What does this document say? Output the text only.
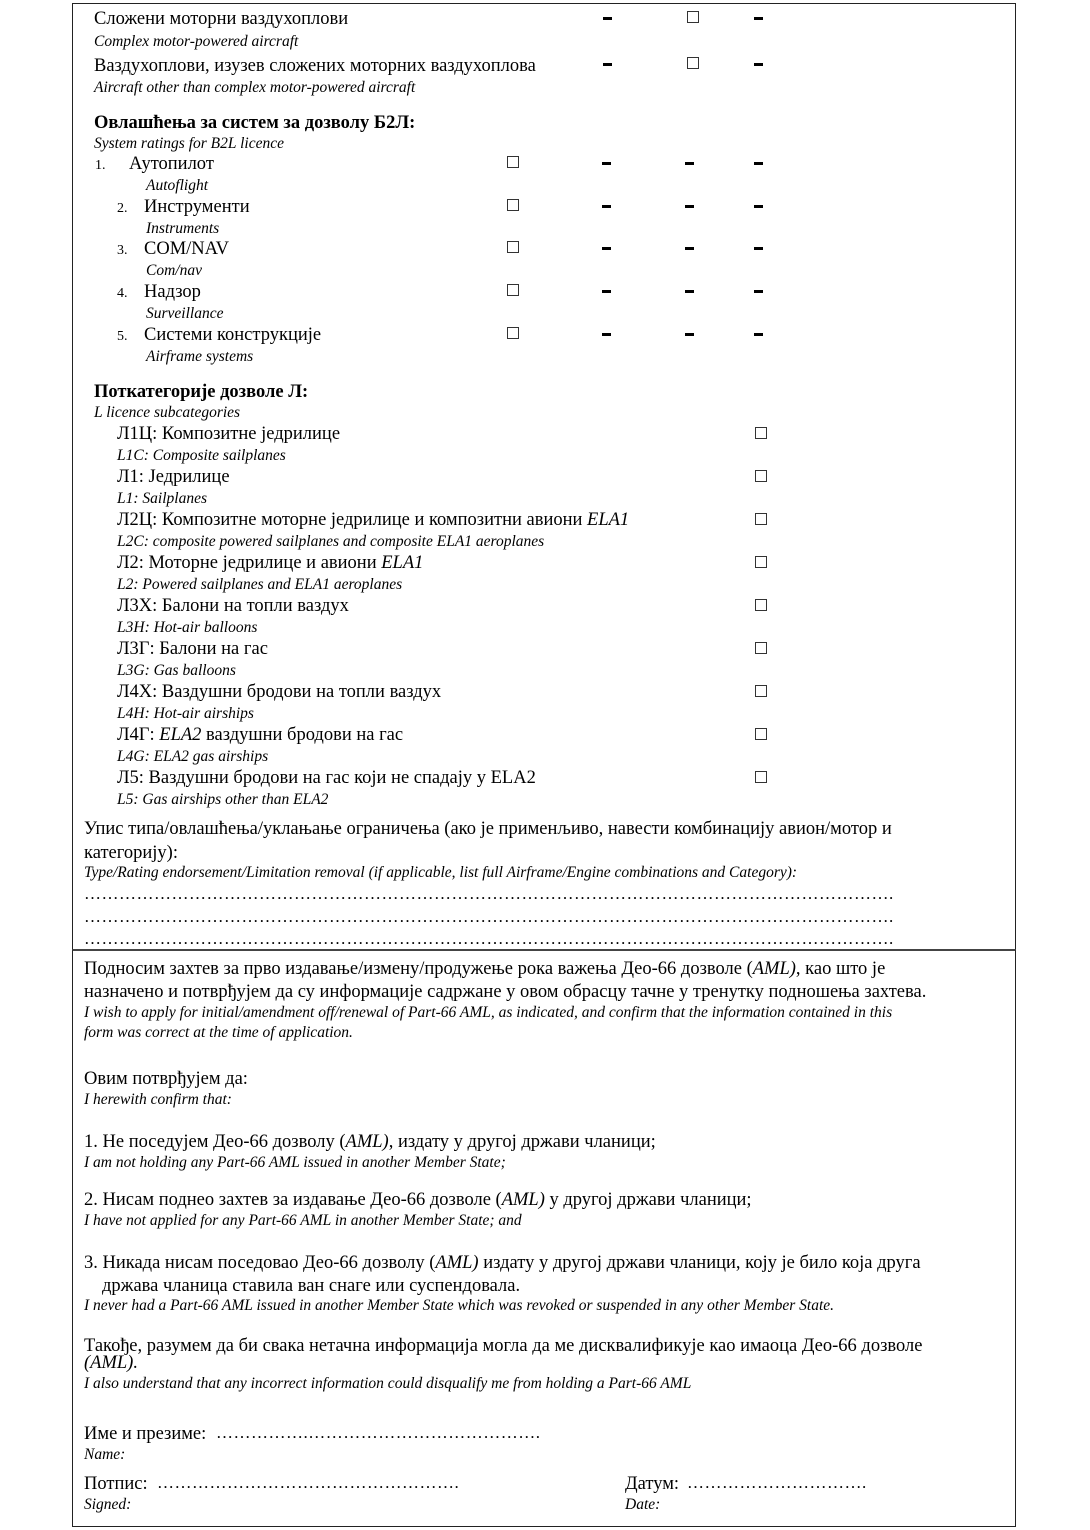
Сложени моторни ваздухоплови
Complex motor-powered aircraft
Ваздухоплови, изузев сложених моторних ваздухоплова
Aircraft other than complex motor-powered aircraft
Овлашћења за систем за дозволу Б2Л:
System ratings for B2L licence
1. Аутопилот
Autoflight
2. Инструменти
Instruments
3. COM/NAV
Com/nav
4. Надзор
Surveillance
5. Системи конструкције
Airframe systems
Поткатегорије дозволе Л:
L licence subcategories
Л1Ц: Композитне једрилице
L1C: Composite sailplanes
Л1: Једрилице
L1: Sailplanes
Л2Ц: Композитне моторне једрилице и композитни авиони ELA1
L2C: composite powered sailplanes and composite ELA1 aeroplanes
Л2: Моторне једрилице и авиони ELA1
L2: Powered sailplanes and ELA1 aeroplanes
Л3Х: Балони на топли ваздух
L3H: Hot-air balloons
Л3Г: Балони на гас
L3G: Gas balloons
Л4Х: Ваздушни бродови на топли ваздух
L4H: Hot-air airships
Л4Г: ELA2 ваздушни бродови на гас
L4G: ELA2 gas airships
Л5: Ваздушни бродови на гас који не спадају у ELA2
L5: Gas airships other than ELA2
Упис типа/овлашћења/уклањање ограничења (ако је применљиво, навести комбинацију авион/мотор и
категорију):
Type/Rating endorsement/Limitation removal (if applicable, list full Airframe/Engine combinations and Category):
………………………………………………………………………………………………………………………….
………………………………………………………………………………………………………………………….
………………………………………………………………………………………………………………………….
Подносим захтев за прво издавање/измену/продужење рока важења Део-66 дозволе (AML), као што је
назначено и потврђујем да су информације садржане у овом обрасцу тачне у тренутку подношења захтева.
I wish to apply for initial/amendment off/renewal of Part-66 AML, as indicated, and confirm that the information contained in this
form was correct at the time of application.
Овим потврђујем да:
I herewith confirm that:
1. Не поседујем Део-66 дозволу (AML), издату у другој држави чланици;
I am not holding any Part-66 AML issued in another Member State;
2. Нисам поднео захтев за издавање Део-66 дозволе (AML) у другој држави чланици;
I have not applied for any Part-66 AML in another Member State; and
3. Никада нисам поседовао Део-66 дозволу (AML) издату у другој држави чланици, коју је било која друга
држава чланица ставила ван снаге или суспендовала.
I never had a Part-66 AML issued in another Member State which was revoked or suspended in any other Member State.
Такође, разумем да би свака нетачна информација могла да ме дисквалификује као имаоца Део-66 дозволе
(AML).
I also understand that any incorrect information could disqualify me from holding a Part-66 AML
Име и презиме: …………….………………………………….
Name:
Потпис: …………………………………………….
Signed:
Датум: ………………………….
Date:
